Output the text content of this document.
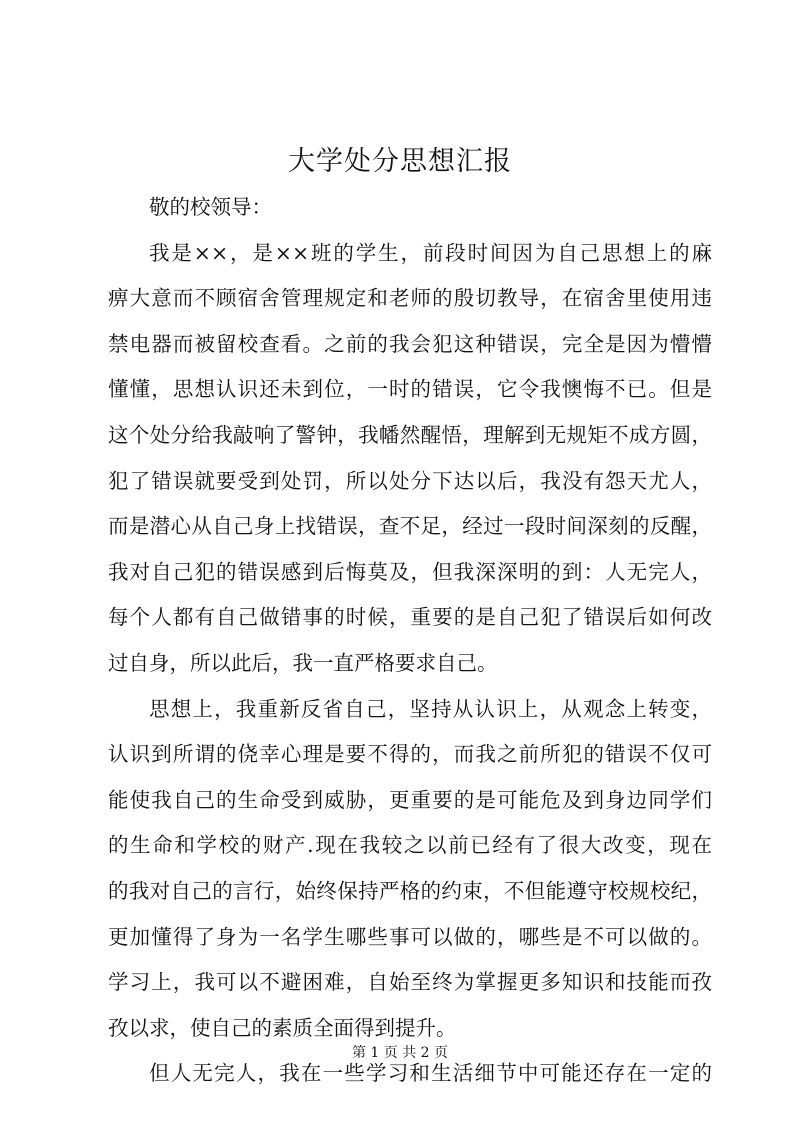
大学处分思想汇报
敬的校领导：
我是××，是××班的学生，前段时间因为自己思想上的麻
痹大意而不顾宿舍管理规定和老师的殷切教导，在宿舍里使用违
禁电器而被留校查看。之前的我会犯这种错误，完全是因为懵懵
懂懂，思想认识还未到位，一时的错误，它令我懊悔不已。但是
这个处分给我敲响了警钟，我幡然醒悟，理解到无规矩不成方圆，
犯了错误就要受到处罚，所以处分下达以后，我没有怨天尤人，
而是潜心从自己身上找错误，查不足，经过一段时间深刻的反醒，
我对自己犯的错误感到后悔莫及，但我深深明的到：人无完人，
每个人都有自己做错事的时候，重要的是自己犯了错误后如何改
过自身，所以此后，我一直严格要求自己。
思想上，我重新反省自己，坚持从认识上，从观念上转变，
认识到所谓的侥幸心理是要不得的，而我之前所犯的错误不仅可
能使我自己的生命受到威胁，更重要的是可能危及到身边同学们
的生命和学校的财产.现在我较之以前已经有了很大改变，现在
的我对自己的言行，始终保持严格的约束，不但能遵守校规校纪，
更加懂得了身为一名学生哪些事可以做的，哪些是不可以做的。
学习上，我可以不避困难，自始至终为掌握更多知识和技能而孜
孜以求，使自己的素质全面得到提升。
但人无完人，我在一些学习和生活细节中可能还存在一定的
第 1 页 共 2 页
